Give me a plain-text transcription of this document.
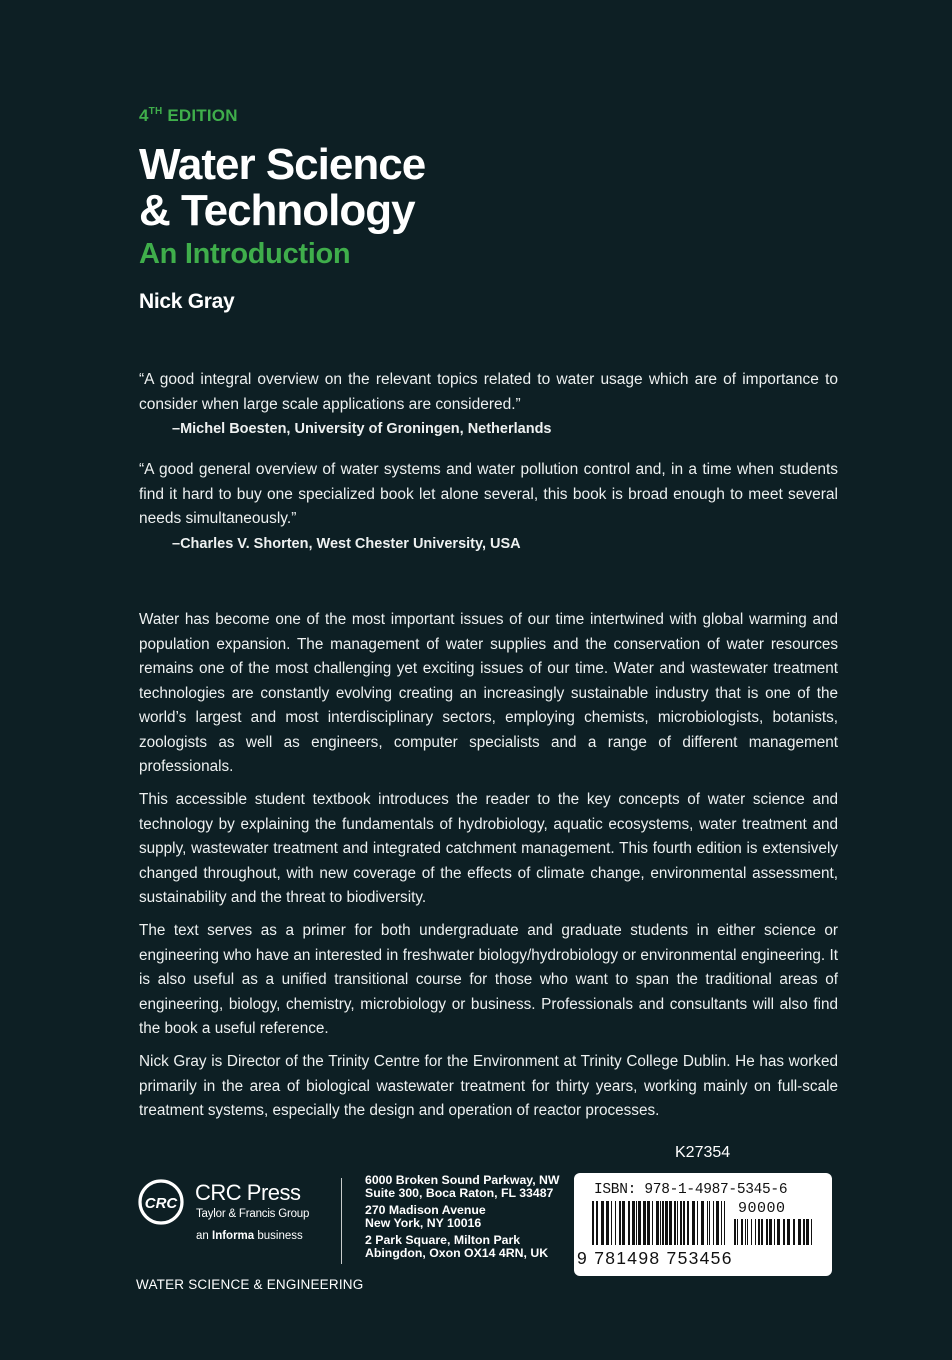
4TH EDITION
Water Science
& Technology
An Introduction
Nick Gray
“A good integral overview on the relevant topics related to water usage which are of importance to consider when large scale applications are considered.”
–Michel Boesten, University of Groningen, Netherlands
“A good general overview of water systems and water pollution control and, in a time when students find it hard to buy one specialized book let alone several, this book is broad enough to meet several needs simultaneously.”
–Charles V. Shorten, West Chester University, USA

Water has become one of the most important issues of our time intertwined with global warming and population expansion. The management of water supplies and the conservation of water resources remains one of the most challenging yet exciting issues of our time. Water and wastewater treatment technologies are constantly evolving creating an increasingly sustainable industry that is one of the world’s largest and most interdisciplinary sectors, employing chemists, microbiologists, botanists, zoologists as well as engineers, computer specialists and a range of different management professionals.

This accessible student textbook introduces the reader to the key concepts of water science and technology by explaining the fundamentals of hydrobiology, aquatic ecosystems, water treatment and supply, wastewater treatment and integrated catchment management. This fourth edition is extensively changed throughout, with new coverage of the effects of climate change, environmental assessment, sustainability and the threat to biodiversity.

The text serves as a primer for both undergraduate and graduate students in either science or engineering who have an interested in freshwater biology/hydrobiology or environmental engineering. It is also useful as a unified transitional course for those who want to span the traditional areas of engineering, biology, chemistry, microbiology or business. Professionals and consultants will also find the book a useful reference.

Nick Gray is Director of the Trinity Centre for the Environment at Trinity College Dublin. He has worked primarily in the area of biological wastewater treatment for thirty years, working mainly on full-scale treatment systems, especially the design and operation of reactor processes.

K27354
CRC CRC Press
Taylor & Francis Group
an Informa business
6000 Broken Sound Parkway, NW
Suite 300, Boca Raton, FL 33487
270 Madison Avenue
New York, NY 10016
2 Park Square, Milton Park
Abingdon, Oxon OX14 4RN, UK
WATER SCIENCE & ENGINEERING
ISBN: 978-1-4987-5345-6
90000
9 781498 753456
